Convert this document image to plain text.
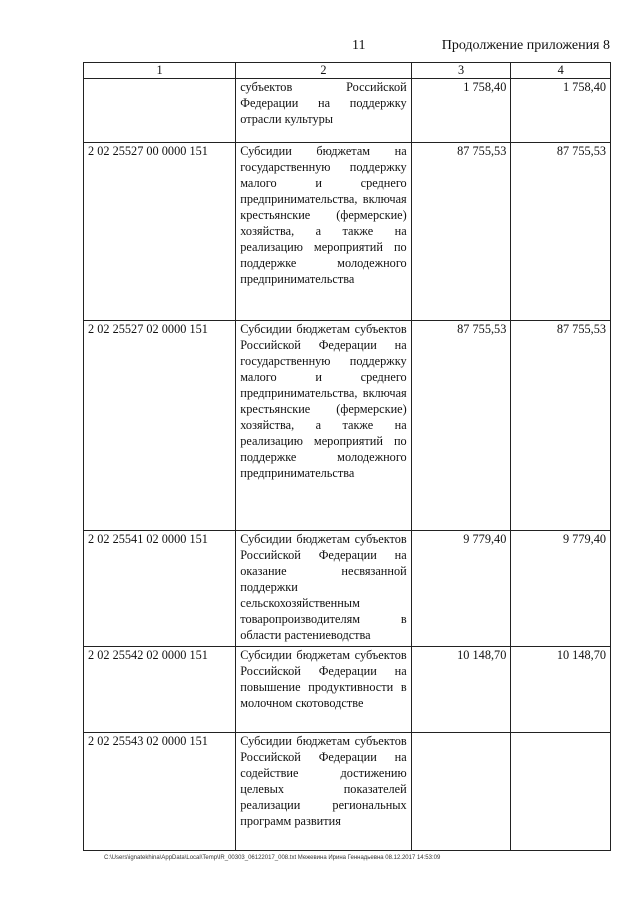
11	Продолжение приложения 8
1	2	3	4
	субъектов Российской Федерации на поддержку отрасли культуры	1 758,40	1 758,40
2 02 25527 00 0000 151	Субсидии бюджетам на государственную поддержку малого и среднего предпринимательства, включая крестьянские (фермерские) хозяйства, а также на реализацию мероприятий по поддержке молодежного предпринимательства	87 755,53	87 755,53
2 02 25527 02 0000 151	Субсидии бюджетам субъектов Российской Федерации на государственную поддержку малого и среднего предпринимательства, включая крестьянские (фермерские) хозяйства, а также на реализацию мероприятий по поддержке молодежного предпринимательства	87 755,53	87 755,53
2 02 25541 02 0000 151	Субсидии бюджетам субъектов Российской Федерации на оказание несвязанной поддержки сельскохозяйственным товаропроизводителям в области растениеводства	9 779,40	9 779,40
2 02 25542 02 0000 151	Субсидии бюджетам субъектов Российской Федерации на повышение продуктивности в молочном скотоводстве	10 148,70	10 148,70
2 02 25543 02 0000 151	Субсидии бюджетам субъектов Российской Федерации на содействие достижению целевых показателей реализации региональных программ развития		
C:\Users\ignatekhina\AppData\Local\Temp\IR_00303_06122017_008.txt Межевина Ирина Геннадьевна 08.12.2017 14:53:09
